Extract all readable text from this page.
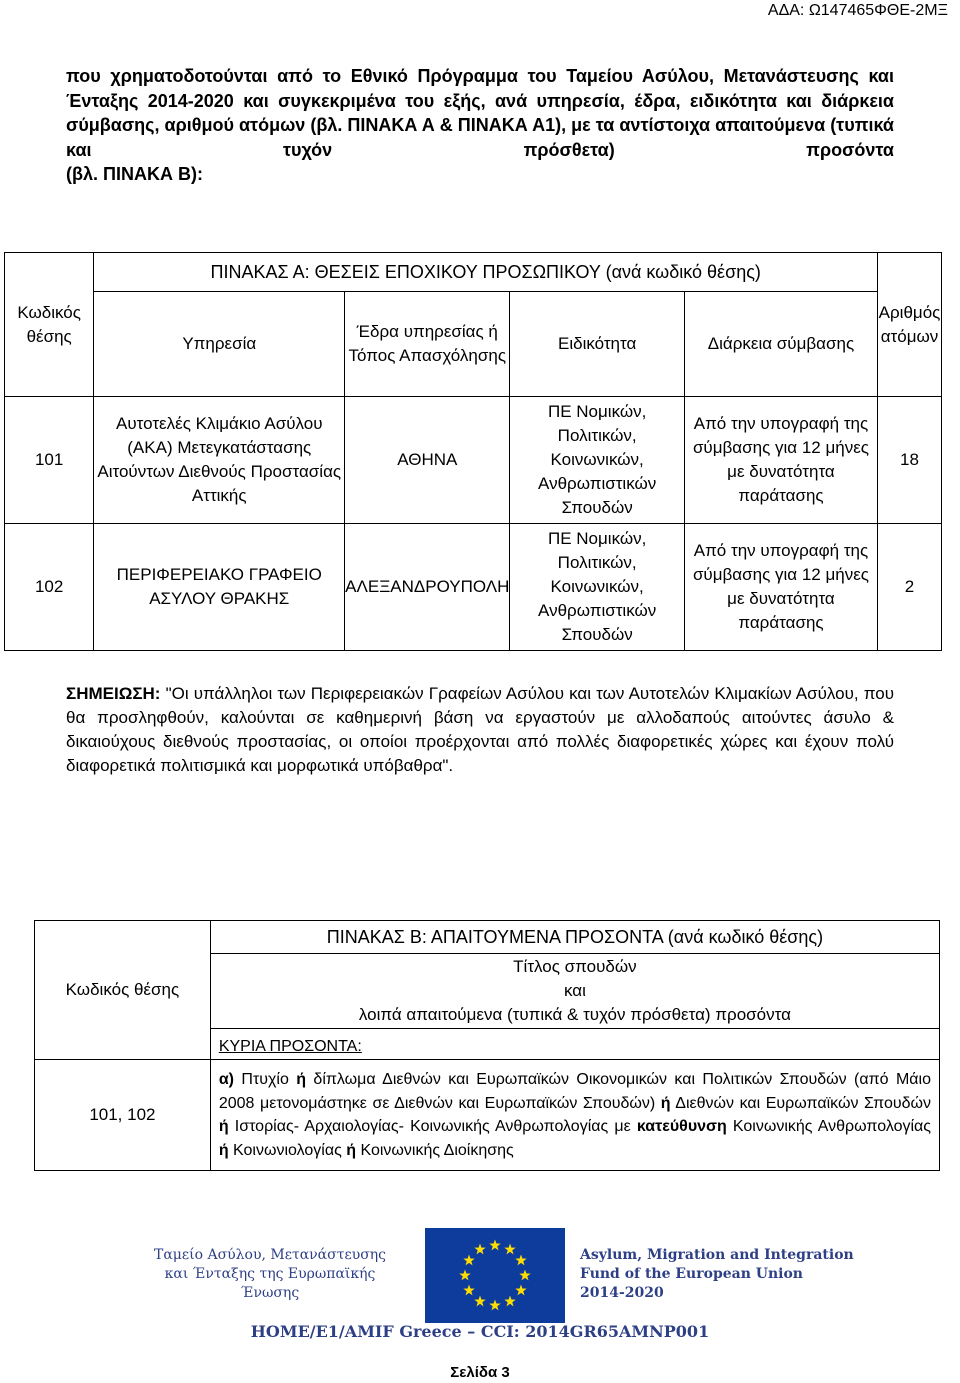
ΑΔΑ: Ω147465ΦΘΕ-2ΜΞ
που χρηματοδοτούνται από το Εθνικό Πρόγραμμα του Ταμείου Ασύλου, Μετανάστευσης και Ένταξης 2014-2020 και συγκεκριμένα του εξής, ανά υπηρεσία, έδρα, ειδικότητα και διάρκεια σύμβασης, αριθμού ατόμων (βλ. ΠΙΝΑΚΑ Α & ΠΙΝΑΚΑ Α1), με τα αντίστοιχα απαιτούμενα (τυπικά και τυχόν πρόσθετα) προσόντα
(βλ. ΠΙΝΑΚΑ Β):
Κωδικός θέσης	ΠΙΝΑΚΑΣ Α: ΘΕΣΕΙΣ ΕΠΟΧΙΚΟΥ ΠΡΟΣΩΠΙΚΟΥ (ανά κωδικό θέσης)				Αριθμός ατόμων
	Υπηρεσία	Έδρα υπηρεσίας ή Τόπος Απασχόλησης	Ειδικότητα	Διάρκεια σύμβασης	
101	Αυτοτελές Κλιμάκιο Ασύλου (ΑΚΑ) Μετεγκατάστασης Αιτούντων Διεθνούς Προστασίας Αττικής	ΑΘΗΝΑ	ΠΕ Νομικών, Πολιτικών, Κοινωνικών, Ανθρωπιστικών Σπουδών	Από την υπογραφή της σύμβασης για 12 μήνες με δυνατότητα παράτασης	18
102	ΠΕΡΙΦΕΡΕΙΑΚΟ ΓΡΑΦΕΙΟ ΑΣΥΛΟΥ ΘΡΑΚΗΣ	ΑΛΕΞΑΝΔΡΟΥΠΟΛΗ	ΠΕ Νομικών, Πολιτικών, Κοινωνικών, Ανθρωπιστικών Σπουδών	Από την υπογραφή της σύμβασης για 12 μήνες με δυνατότητα παράτασης	2
ΣΗΜΕΙΩΣΗ: "Οι υπάλληλοι των Περιφερειακών Γραφείων Ασύλου και των Αυτοτελών Κλιμακίων Ασύλου, που θα προσληφθούν, καλούνται σε καθημερινή βάση να εργαστούν με αλλοδαπούς αιτούντες άσυλο & δικαιούχους διεθνούς προστασίας, οι οποίοι προέρχονται από πολλές διαφορετικές χώρες και έχουν πολύ διαφορετικά πολιτισμικά και μορφωτικά υπόβαθρα".
Κωδικός θέσης	ΠΙΝΑΚΑΣ Β: ΑΠΑΙΤΟΥΜΕΝΑ ΠΡΟΣΟΝΤΑ (ανά κωδικό θέσης)

	Τίτλος σπουδών
και
λοιπά απαιτούμενα (τυπικά & τυχόν πρόσθετα) προσόντα

	ΚΥΡΙΑ ΠΡΟΣΟΝΤΑ:
101, 102	α) Πτυχίο ή δίπλωμα Διεθνών και Ευρωπαϊκών Οικονομικών και Πολιτικών Σπουδών (από Μάιο 2008 μετονομάστηκε σε Διεθνών και Ευρωπαϊκών Σπουδών) ή Διεθνών και Ευρωπαϊκών Σπουδών ή Ιστορίας- Αρχαιολογίας- Κοινωνικής Ανθρωπολογίας με κατεύθυνση Κοινωνικής Ανθρωπολογίας ή Κοινωνιολογίας ή Κοινωνικής Διοίκησης
Ταμείο Ασύλου, Μετανάστευσης
και Ένταξης της Ευρωπαϊκής
Ένωσης
Asylum, Migration and Integration
Fund of the European Union
2014-2020
HOME/E1/AMIF Greece – CCI: 2014GR65AMNP001
Σελίδα 3
